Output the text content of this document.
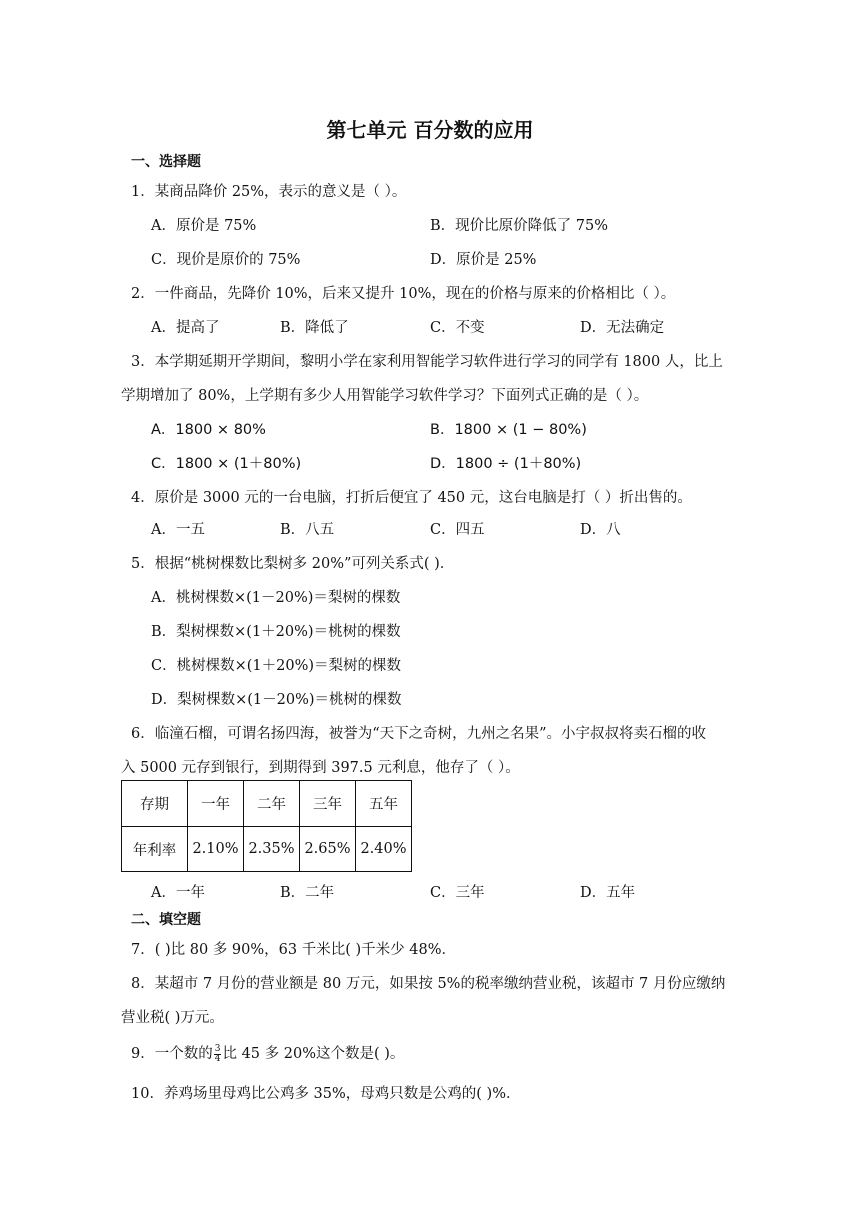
第七单元 百分数的应用
一、选择题
1．某商品降价 25%，表示的意义是（ ）。
A．原价是 75%	B．现价比原价降低了 75%
C．现价是原价的 75%	D．原价是 25%
2．一件商品，先降价 10%，后来又提升 10%，现在的价格与原来的价格相比（ ）。
A．提高了	B．降低了	C．不变	D．无法确定
3．本学期延期开学期间，黎明小学在家利用智能学习软件进行学习的同学有 1800 人，比上
学期增加了 80%，上学期有多少人用智能学习软件学习？下面列式正确的是（ ）。
A．1800 × 80%	B．1800 × (1 − 80%)
C．1800 × (1＋80%)	D．1800 ÷ (1＋80%)
4．原价是 3000 元的一台电脑，打折后便宜了 450 元，这台电脑是打（ ）折出售的。
A．一五	B．八五	C．四五	D．八
5．根据“桃树棵数比梨树多 20%”可列关系式( )．
A．桃树棵数×(1－20%)＝梨树的棵数
B．梨树棵数×(1＋20%)＝桃树的棵数
C．桃树棵数×(1＋20%)＝梨树的棵数
D．梨树棵数×(1－20%)＝桃树的棵数
6．临潼石榴，可谓名扬四海，被誉为“天下之奇树，九州之名果”。小宇叔叔将卖石榴的收
入 5000 元存到银行，到期得到 397.5 元利息，他存了（ ）。
存期	一年	二年	三年	五年
年利率	2.10%	2.35%	2.65%	2.40%
A．一年	B．二年	C．三年	D．五年
二、填空题
7．( )比 80 多 90%，63 千米比( )千米少 48%．
8．某超市 7 月份的营业额是 80 万元，如果按 5%的税率缴纳营业税，该超市 7 月份应缴纳
营业税( )万元。
9．一个数的 $\frac{3}{4}$ 比 45 多 20%这个数是( )。
10．养鸡场里母鸡比公鸡多 35%，母鸡只数是公鸡的( )%．
